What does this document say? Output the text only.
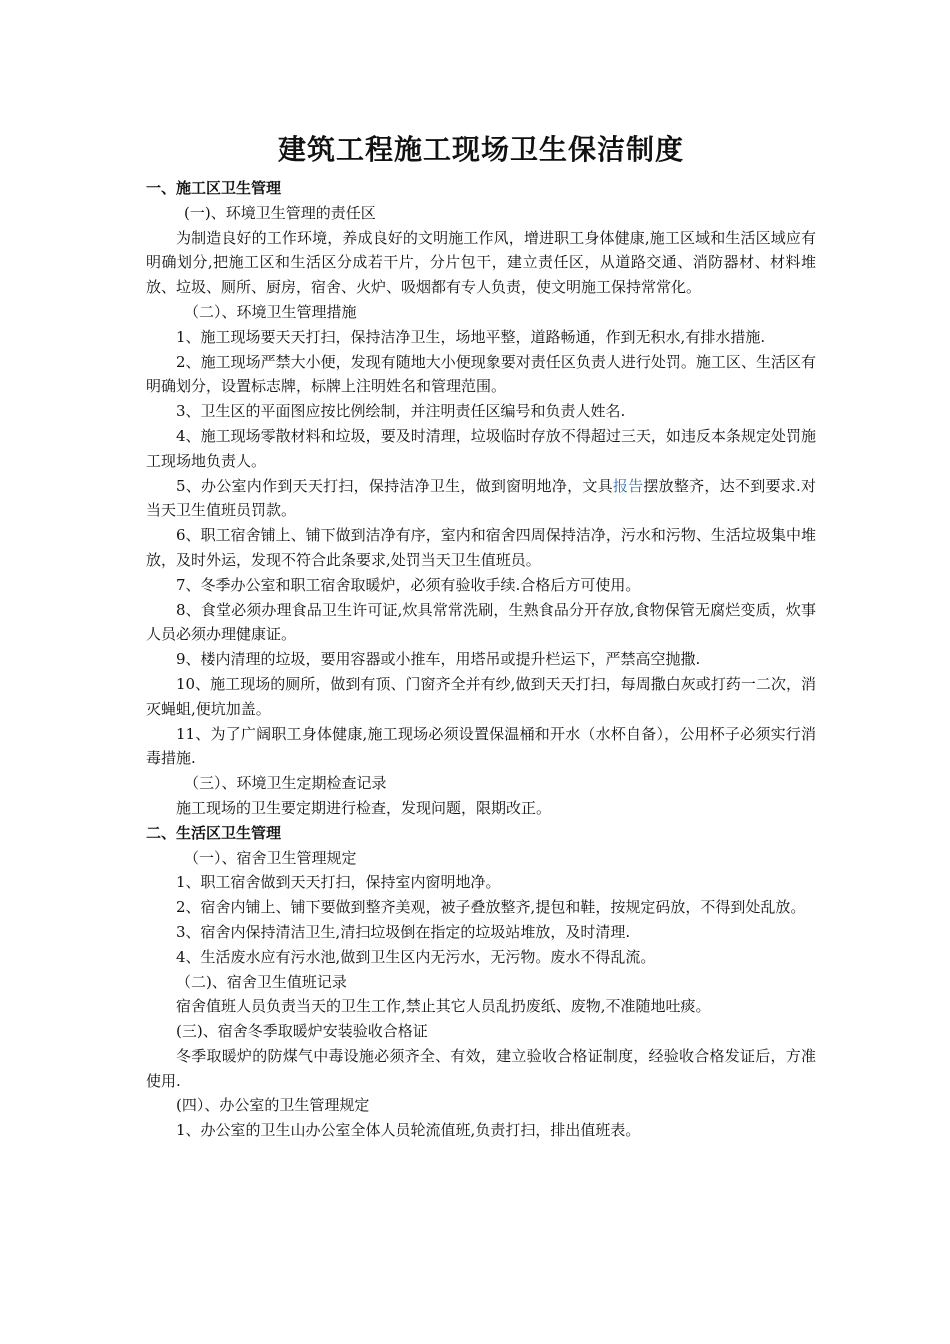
建筑工程施工现场卫生保洁制度

一、施工区卫生管理

(一)、环境卫生管理的责任区

为制造良好的工作环境，养成良好的文明施工作风，增进职工身体健康,施工区域和生活区域应有明确划分,把施工区和生活区分成若干片，分片包干，建立责任区，从道路交通、消防器材、材料堆放、垃圾、厕所、厨房，宿舍、火炉、吸烟都有专人负责，使文明施工保持常常化。

（二）、环境卫生管理措施

1、施工现场要天天打扫，保持洁净卫生，场地平整，道路畅通，作到无积水,有排水措施.

2、施工现场严禁大小便，发现有随地大小便现象要对责任区负责人进行处罚。施工区、生活区有明确划分，设置标志牌，标牌上注明姓名和管理范围。

3、卫生区的平面图应按比例绘制，并注明责任区编号和负责人姓名.

4、施工现场零散材料和垃圾，要及时清理，垃圾临时存放不得超过三天，如违反本条规定处罚施工现场地负责人。

5、办公室内作到天天打扫，保持洁净卫生，做到窗明地净，文具报告摆放整齐，达不到要求.对当天卫生值班员罚款。

6、职工宿舍铺上、铺下做到洁净有序，室内和宿舍四周保持洁净，污水和污物、生活垃圾集中堆放，及时外运，发现不符合此条要求,处罚当天卫生值班员。

7、冬季办公室和职工宿舍取暖炉，必须有验收手续.合格后方可使用。

8、食堂必须办理食品卫生许可证,炊具常常洗刷，生熟食品分开存放,食物保管无腐烂变质，炊事人员必须办理健康证。

9、楼内清理的垃圾，要用容器或小推车，用塔吊或提升栏运下，严禁高空抛撒.

10、施工现场的厕所，做到有顶、门窗齐全并有纱,做到天天打扫，每周撒白灰或打药一二次，消灭蝇蛆,便坑加盖。

11、为了广阔职工身体健康,施工现场必须设置保温桶和开水（水杯自备），公用杯子必须实行消毒措施.

（三）、环境卫生定期检查记录

施工现场的卫生要定期进行检查，发现问题，限期改正。

二、生活区卫生管理

（一）、宿舍卫生管理规定

1、职工宿舍做到天天打扫，保持室内窗明地净。

2、宿舍内铺上、铺下要做到整齐美观，被子叠放整齐,提包和鞋，按规定码放，不得到处乱放。

3、宿舍内保持清洁卫生,清扫垃圾倒在指定的垃圾站堆放，及时清理.

4、生活废水应有污水池,做到卫生区内无污水，无污物。废水不得乱流。

（二)、宿舍卫生值班记录

宿舍值班人员负责当天的卫生工作,禁止其它人员乱扔废纸、废物,不准随地吐痰。

(三)、宿舍冬季取暖炉安装验收合格证

冬季取暖炉的防煤气中毒设施必须齐全、有效，建立验收合格证制度，经验收合格发证后，方准使用.

(四）、办公室的卫生管理规定

1、办公室的卫生山办公室全体人员轮流值班,负责打扫，排出值班表。
